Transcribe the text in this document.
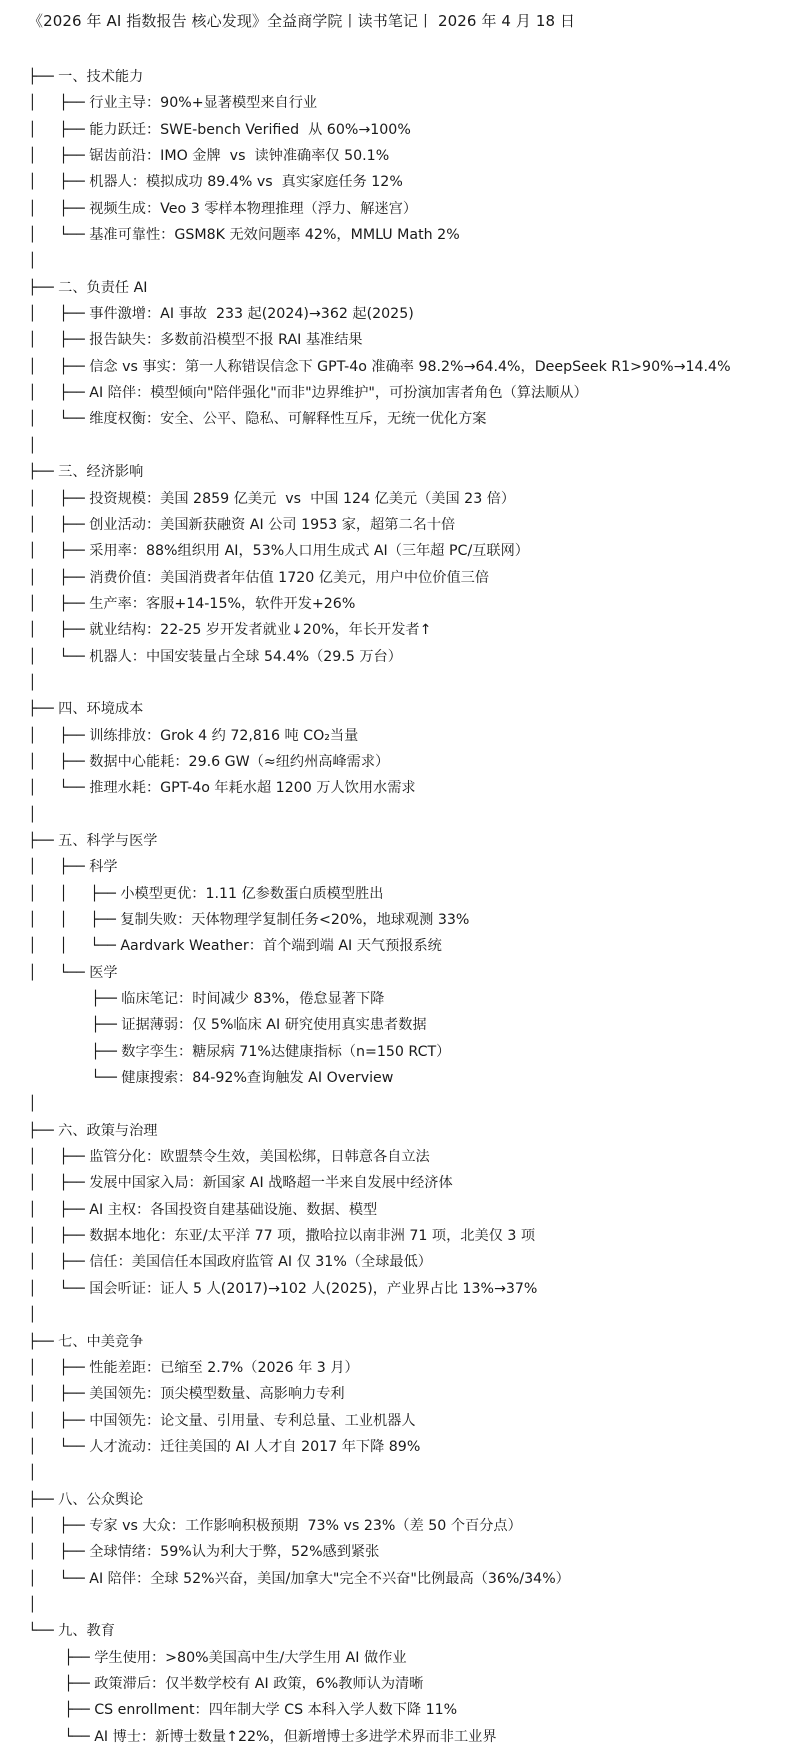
《2026 年 AI 指数报告 核心发现》全益商学院丨读书笔记丨 2026 年 4 月 18 日
├── 一、技术能力
│     ├── 行业主导：90%+显著模型来自行业
│     ├── 能力跃迁：SWE-bench Verified  从 60%→100%
│     ├── 锯齿前沿：IMO 金牌  vs  读钟准确率仅 50.1%
│     ├── 机器人：模拟成功 89.4% vs  真实家庭任务 12%
│     ├── 视频生成：Veo 3 零样本物理推理（浮力、解迷宫）
│     └── 基准可靠性：GSM8K 无效问题率 42%，MMLU Math 2%
│
├── 二、负责任 AI
│     ├── 事件激增：AI 事故  233 起(2024)→362 起(2025)
│     ├── 报告缺失：多数前沿模型不报 RAI 基准结果
│     ├── 信念 vs 事实：第一人称错误信念下 GPT-4o 准确率 98.2%→64.4%，DeepSeek R1>90%→14.4%
│     ├── AI 陪伴：模型倾向"陪伴强化"而非"边界维护"，可扮演加害者角色（算法顺从）
│     └── 维度权衡：安全、公平、隐私、可解释性互斥，无统一优化方案
│
├── 三、经济影响
│     ├── 投资规模：美国 2859 亿美元  vs  中国 124 亿美元（美国 23 倍）
│     ├── 创业活动：美国新获融资 AI 公司 1953 家，超第二名十倍
│     ├── 采用率：88%组织用 AI，53%人口用生成式 AI（三年超 PC/互联网）
│     ├── 消费价值：美国消费者年估值 1720 亿美元，用户中位价值三倍
│     ├── 生产率：客服+14-15%，软件开发+26%
│     ├── 就业结构：22-25 岁开发者就业↓20%，年长开发者↑
│     └── 机器人：中国安装量占全球 54.4%（29.5 万台）
│
├── 四、环境成本
│     ├── 训练排放：Grok 4 约 72,816 吨 CO₂当量
│     ├── 数据中心能耗：29.6 GW（≈纽约州高峰需求）
│     └── 推理水耗：GPT-4o 年耗水超 1200 万人饮用水需求
│
├── 五、科学与医学
│     ├── 科学
│     │     ├── 小模型更优：1.11 亿参数蛋白质模型胜出
│     │     ├── 复制失败：天体物理学复制任务<20%，地球观测 33%
│     │     └── Aardvark Weather：首个端到端 AI 天气预报系统
│     └── 医学
├── 临床笔记：时间减少 83%，倦怠显著下降
├── 证据薄弱：仅 5%临床 AI 研究使用真实患者数据
├── 数字孪生：糖尿病 71%达健康指标（n=150 RCT）
└── 健康搜索：84-92%查询触发 AI Overview
│
├── 六、政策与治理
│     ├── 监管分化：欧盟禁令生效，美国松绑，日韩意各自立法
│     ├── 发展中国家入局：新国家 AI 战略超一半来自发展中经济体
│     ├── AI 主权：各国投资自建基础设施、数据、模型
│     ├── 数据本地化：东亚/太平洋 77 项，撒哈拉以南非洲 71 项，北美仅 3 项
│     ├── 信任：美国信任本国政府监管 AI 仅 31%（全球最低）
│     └── 国会听证：证人 5 人(2017)→102 人(2025)，产业界占比 13%→37%
│
├── 七、中美竞争
│     ├── 性能差距：已缩至 2.7%（2026 年 3 月）
│     ├── 美国领先：顶尖模型数量、高影响力专利
│     ├── 中国领先：论文量、引用量、专利总量、工业机器人
│     └── 人才流动：迁往美国的 AI 人才自 2017 年下降 89%
│
├── 八、公众舆论
│     ├── 专家 vs 大众：工作影响积极预期  73% vs 23%（差 50 个百分点）
│     ├── 全球情绪：59%认为利大于弊，52%感到紧张
│     └── AI 陪伴：全球 52%兴奋，美国/加拿大"完全不兴奋"比例最高（36%/34%）
│
└── 九、教育
├── 学生使用：>80%美国高中生/大学生用 AI 做作业
├── 政策滞后：仅半数学校有 AI 政策，6%教师认为清晰
├── CS enrollment：四年制大学 CS 本科入学人数下降 11%
└── AI 博士：新博士数量↑22%，但新增博士多进学术界而非工业界
